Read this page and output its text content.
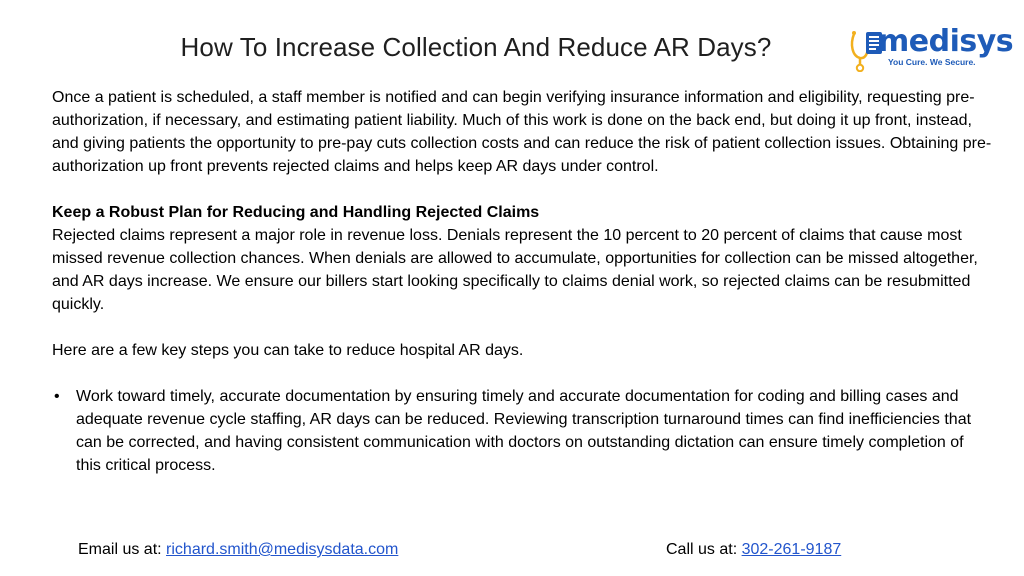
How To Increase Collection And Reduce AR Days?	medisys
You Cure. We Secure.

Once a patient is scheduled, a staff member is notified and can begin verifying insurance information and eligibility, requesting pre-authorization, if necessary, and estimating patient liability. Much of this work is done on the back end, but doing it up front, instead, and giving patients the opportunity to pre-pay cuts collection costs and can reduce the risk of patient collection issues. Obtaining pre-authorization up front prevents rejected claims and helps keep AR days under control.

Keep a Robust Plan for Reducing and Handling Rejected Claims
Rejected claims represent a major role in revenue loss. Denials represent the 10 percent to 20 percent of claims that cause most missed revenue collection chances. When denials are allowed to accumulate, opportunities for collection can be missed altogether, and AR days increase. We ensure our billers start looking specifically to claims denial work, so rejected claims can be resubmitted quickly.

Here are a few key steps you can take to reduce hospital AR days.

• Work toward timely, accurate documentation by ensuring timely and accurate documentation for coding and billing cases and adequate revenue cycle staffing, AR days can be reduced. Reviewing transcription turnaround times can find inefficiencies that can be corrected, and having consistent communication with doctors on outstanding dictation can ensure timely completion of this critical process.
Email us at: richard.smith@medisysdata.com	Call us at: 302-261-9187
